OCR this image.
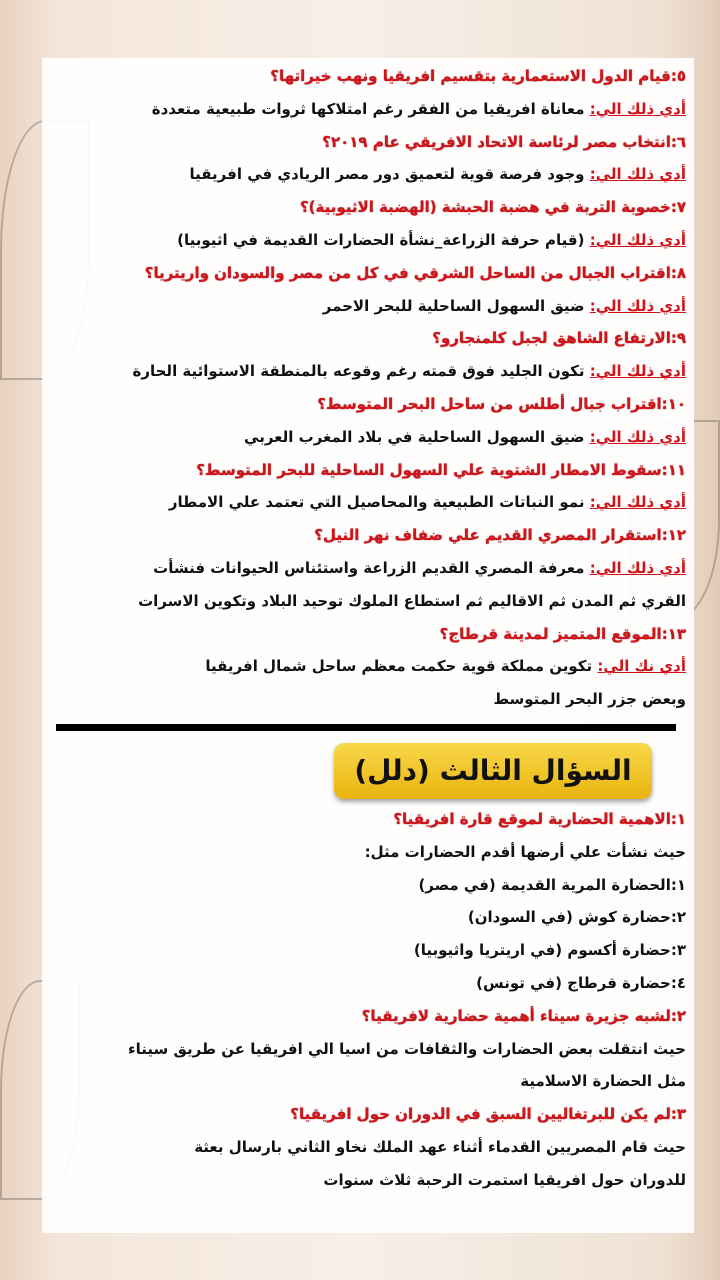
٥:قيام الدول الاستعمارية بتقسيم افريقيا ونهب خيراتها؟
أدي ذلك الي: معاناة افريقيا من الفقر رغم امتلاكها ثروات طبيعية متعددة
٦:انتخاب مصر لرئاسة الاتحاد الافريقي عام ٢٠١٩؟
أدي ذلك الي: وجود فرصة قوية لتعميق دور مصر الريادي في افريقيا
٧:خصوبة التربة في هضبة الحبشة (الهضبة الاثيوبية)؟
أدي ذلك الي: (قيام حرفة الزراعة_نشأة الحضارات القديمة في اثيوبيا)
٨:اقتراب الجبال من الساحل الشرقي في كل من مصر والسودان واريتريا؟
أدي ذلك الي: ضيق السهول الساحلية للبحر الاحمر
٩:الارتفاع الشاهق لجبل كلمنجارو؟
أدي ذلك الي: تكون الجليد فوق قمته رغم وقوعه بالمنطقة الاستوائية الحارة
١٠:اقتراب جبال أطلس من ساحل البحر المتوسط؟
أدي ذلك الي: ضيق السهول الساحلية في بلاد المغرب العربي
١١:سقوط الامطار الشتوية علي السهول الساحلية للبحر المتوسط؟
أدي ذلك الي: نمو النباتات الطبيعية والمحاصيل التي تعتمد علي الامطار
١٢:استقرار المصري القديم علي ضفاف نهر النيل؟
أدي ذلك الي: معرفة المصري القديم الزراعة واستئناس الحيوانات فنشأت
القري ثم المدن ثم الاقاليم ثم استطاع الملوك توحيد البلاد وتكوين الاسرات
١٣:الموقع المتميز لمدينة قرطاج؟
أدي نك الي: تكوين مملكة قوية حكمت معظم ساحل شمال افريقيا
وبعض جزر البحر المتوسط
السؤال الثالث (دلل)
١:الاهمية الحضارية لموقع قارة افريقيا؟
حيث نشأت علي أرضها أقدم الحضارات مثل:
١:الحضارة المرية القديمة (في مصر)
٢:حضارة كوش (في السودان)
٣:حضارة أكسوم (في اريتريا واثيوبيا)
٤:حضارة قرطاج (في تونس)
٢:لشبه جزيرة سيناء أهمية حضارية لافريقيا؟
حيث انتقلت بعض الحضارات والثقافات من اسيا الي افريقيا عن طريق سيناء
مثل الحضارة الاسلامية
٣:لم يكن للبرتغاليين السبق في الدوران حول افريقيا؟
حيث قام المصريين القدماء أثناء عهد الملك نخاو الثاني بارسال بعثة
للدوران حول افريقيا استمرت الرحبة ثلاث سنوات
